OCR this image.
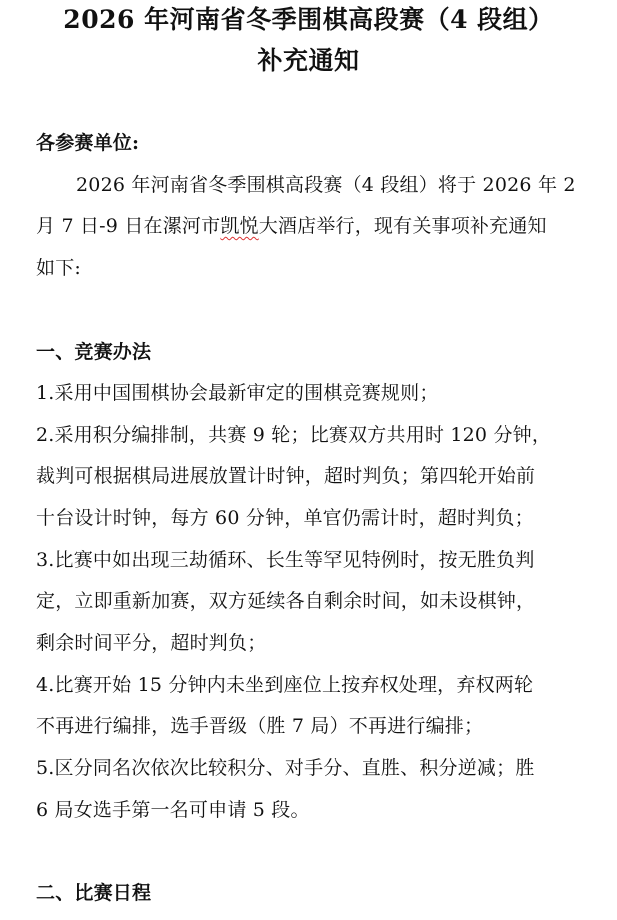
2026 年河南省冬季围棋高段赛（4 段组）
补充通知
各参赛单位:
2026 年河南省冬季围棋高段赛（4 段组）将于 2026 年 2
月 7 日-9 日在漯河市凯悦大酒店举行，现有关事项补充通知
如下:
一、竞赛办法
1.采用中国围棋协会最新审定的围棋竞赛规则；
2.采用积分编排制，共赛 9 轮；比赛双方共用时 120 分钟，
裁判可根据棋局进展放置计时钟，超时判负；第四轮开始前
十台设计时钟，每方 60 分钟，单官仍需计时，超时判负；
3.比赛中如出现三劫循环、长生等罕见特例时，按无胜负判
定，立即重新加赛，双方延续各自剩余时间，如未设棋钟，
剩余时间平分，超时判负；
4.比赛开始 15 分钟内未坐到座位上按弃权处理，弃权两轮
不再进行编排，选手晋级（胜 7 局）不再进行编排；
5.区分同名次依次比较积分、对手分、直胜、积分逆减；胜
6 局女选手第一名可申请 5 段。
二、比赛日程
